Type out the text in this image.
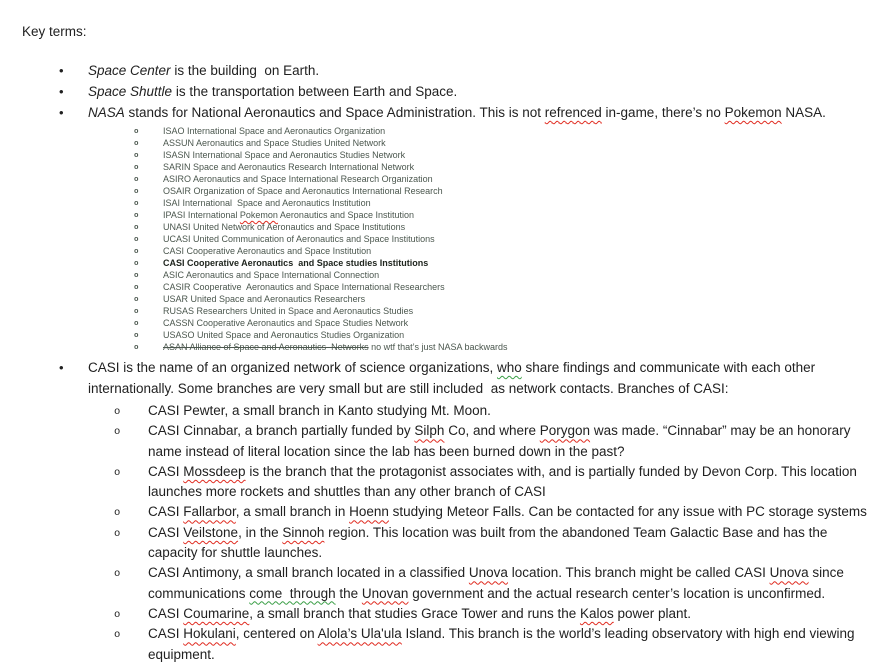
Key terms:
• Space Center is the building  on Earth.
• Space Shuttle is the transportation between Earth and Space.
• NASA stands for National Aeronautics and Space Administration. This is not refrenced in-game, there’s no Pokemon NASA.
o	ISAO International Space and Aeronautics Organization
o	ASSUN Aeronautics and Space Studies United Network
o	ISASN International Space and Aeronautics Studies Network
o	SARIN Space and Aeronautics Research International Network
o	ASIRO Aeronautics and Space International Research Organization
o	OSAIR Organization of Space and Aeronautics International Research
o	ISAI International  Space and Aeronautics Institution
o	IPASI International Pokemon Aeronautics and Space Institution
o	UNASI United Network of Aeronautics and Space Institutions
o	UCASI United Communication of Aeronautics and Space Institutions
o	CASI Cooperative Aeronautics and Space Institution
o	CASI Cooperative Aeronautics  and Space studies Institutions
o	ASIC Aeronautics and Space International Connection
o	CASIR Cooperative  Aeronautics and Space International Researchers
o	USAR United Space and Aeronautics Researchers
o	RUSAS Researchers United in Space and Aeronautics Studies
o	CASSN Cooperative Aeronautics and Space Studies Network
o	USASO United Space and Aeronautics Studies Organization
o	ASAN Alliance of Space and Aeronautics  Networks no wtf that’s just NASA backwards
• CASI is the name of an organized network of science organizations, who share findings and communicate with each other internationally. Some branches are very small but are still included  as network contacts. Branches of CASI:
o CASI Pewter, a small branch in Kanto studying Mt. Moon.
o CASI Cinnabar, a branch partially funded by Silph Co, and where Porygon was made. “Cinnabar” may be an honorary name instead of literal location since the lab has been burned down in the past?
o CASI Mossdeep is the branch that the protagonist associates with, and is partially funded by Devon Corp. This location launches more rockets and shuttles than any other branch of CASI
o CASI Fallarbor, a small branch in Hoenn studying Meteor Falls. Can be contacted for any issue with PC storage systems
o CASI Veilstone, in the Sinnoh region. This location was built from the abandoned Team Galactic Base and has the capacity for shuttle launches.
o CASI Antimony, a small branch located in a classified Unova location. This branch might be called CASI Unova since communications come  through the Unovan government and the actual research center’s location is unconfirmed.
o CASI Coumarine, a small branch that studies Grace Tower and runs the Kalos power plant.
o CASI Hokulani, centered on Alola’s Ula'ula Island. This branch is the world’s leading observatory with high end viewing equipment.
